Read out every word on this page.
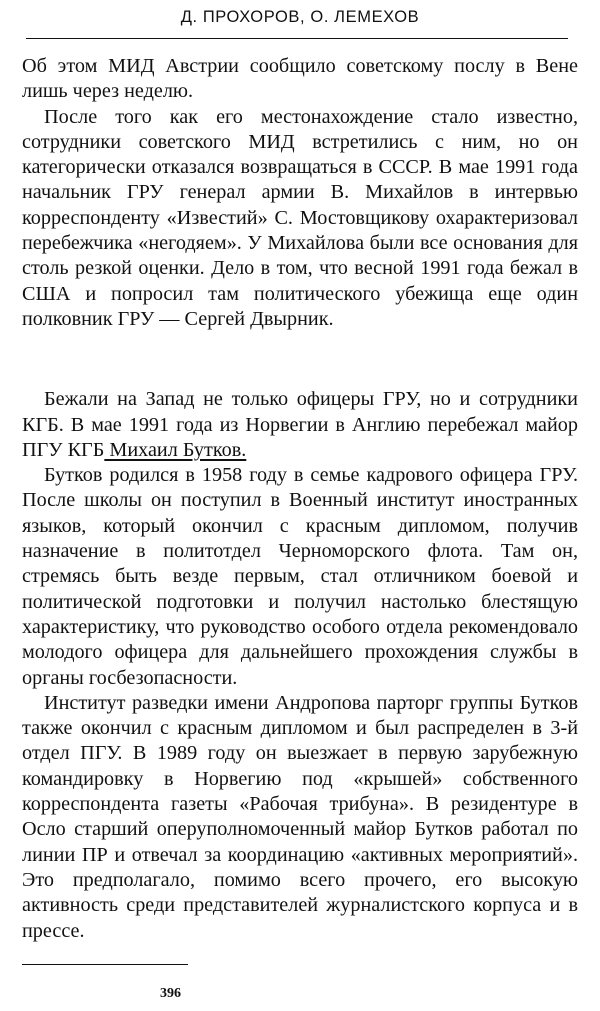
Д. ПРОХОРОВ, О. ЛЕМЕХОВ

Об этом МИД Австрии сообщило советскому послу в Вене лишь через неделю.

После того как его местонахождение стало известно, сотрудники советского МИД встретились с ним, но он категорически отказался возвращаться в СССР. В мае 1991 года начальник ГРУ генерал армии В. Михайлов в интервью корреспонденту «Известий» С. Мостовщикову охарактеризовал перебежчика «негодяем». У Михайлова были все основания для столь резкой оценки. Дело в том, что весной 1991 года бежал в США и попросил там политического убежища еще один полковник ГРУ — Сергей Двырник.

Бежали на Запад не только офицеры ГРУ, но и сотрудники КГБ. В мае 1991 года из Норвегии в Англию перебежал майор ПГУ КГБ Михаил Бутков.

Бутков родился в 1958 году в семье кадрового офицера ГРУ. После школы он поступил в Военный институт иностранных языков, который окончил с красным дипломом, получив назначение в политотдел Черноморского флота. Там он, стремясь быть везде первым, стал отличником боевой и политической подготовки и получил настолько блестящую характеристику, что руководство особого отдела рекомендовало молодого офицера для дальнейшего прохождения службы в органы госбезопасности.

Институт разведки имени Андропова парторг группы Бутков также окончил с красным дипломом и был распределен в 3-й отдел ПГУ. В 1989 году он выезжает в первую зарубежную командировку в Норвегию под «крышей» собственного корреспондента газеты «Рабочая трибуна». В резидентуре в Осло старший оперуполномоченный майор Бутков работал по линии ПР и отвечал за координацию «активных мероприятий». Это предполагало, помимо всего прочего, его высокую активность среди представителей журналистского корпуса и в прессе.

396
